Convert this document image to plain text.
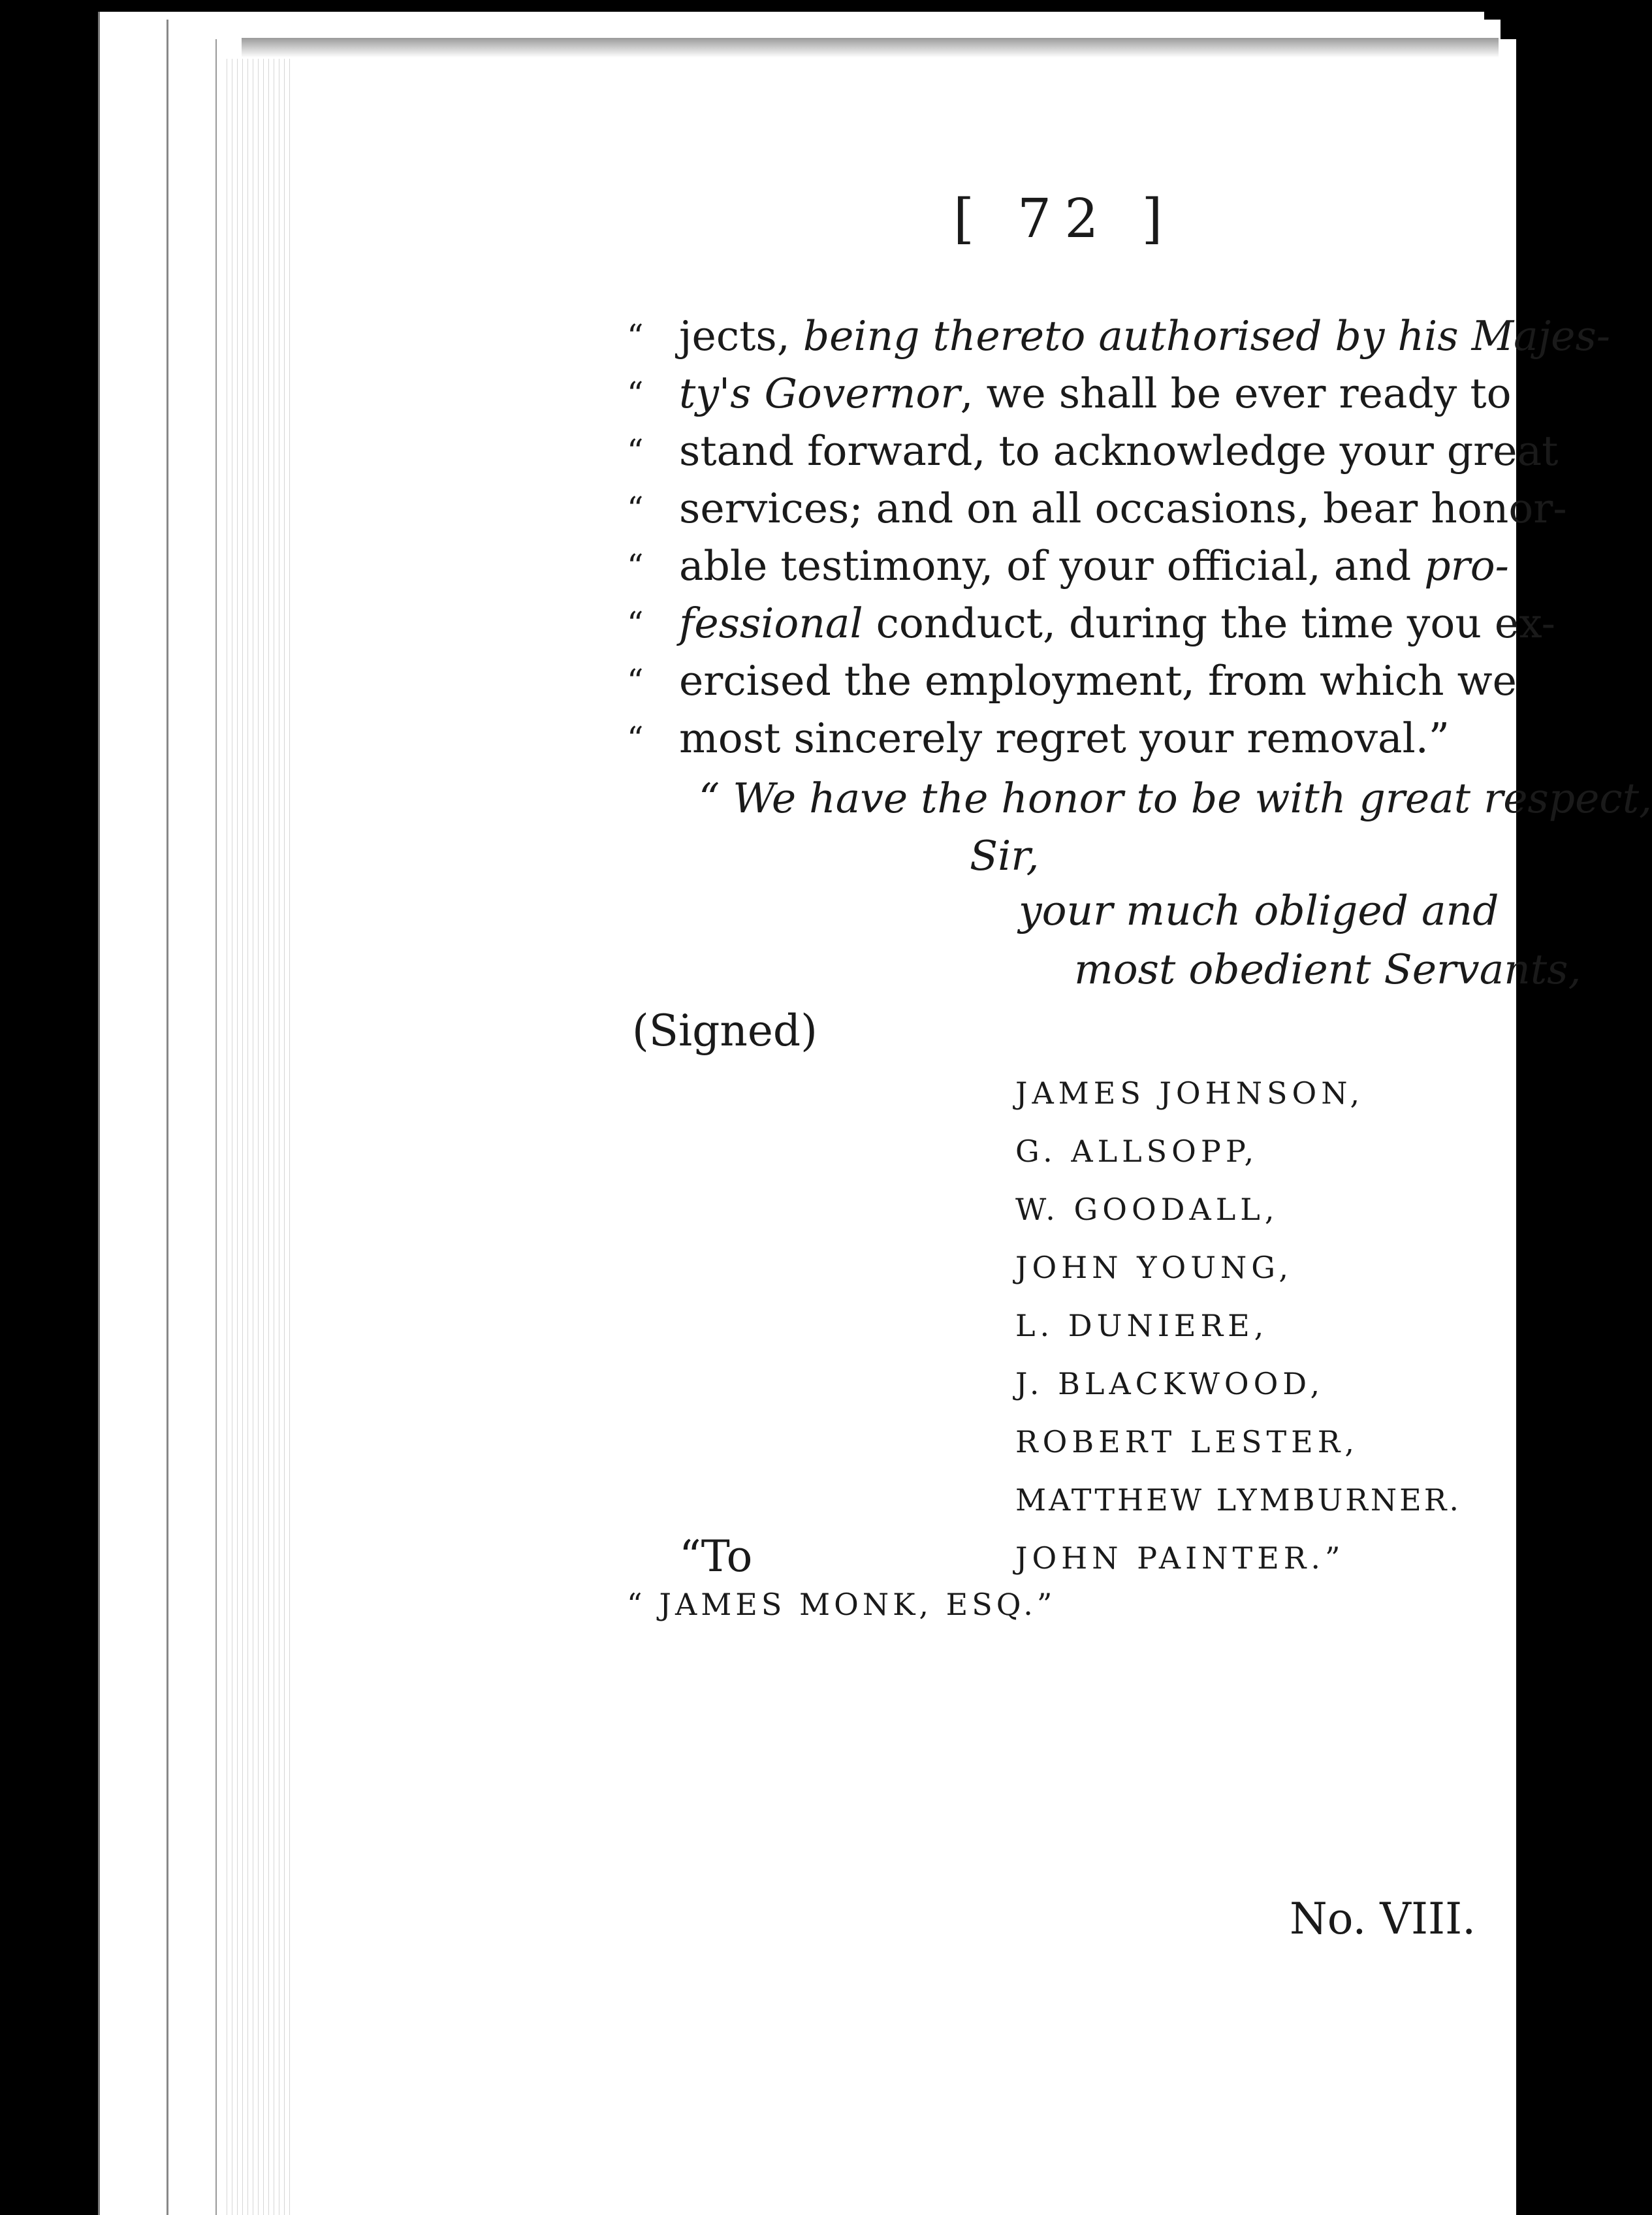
[ 72 ]
“ jects, being thereto authorised by his Majes-
“ ty's Governor, we shall be ever ready to
“ stand forward, to acknowledge your great
“ services; and on all occasions, bear honor-
“ able testimony, of your official, and pro-
“ fessional conduct, during the time you ex-
“ ercised the employment, from which we
“ most sincerely regret your removal.”
“ We have the honor to be with great respect,
Sir,
your much obliged and
most obedient Servants,
(Signed)
JAMES JOHNSON,
G. ALLSOPP,
W. GOODALL,
JOHN YOUNG,
L. DUNIERE,
J. BLACKWOOD,
ROBERT LESTER,
MATTHEW LYMBURNER.
JOHN PAINTER.”
“To
“ JAMES MONK, ESQ.”
No. VIII.
